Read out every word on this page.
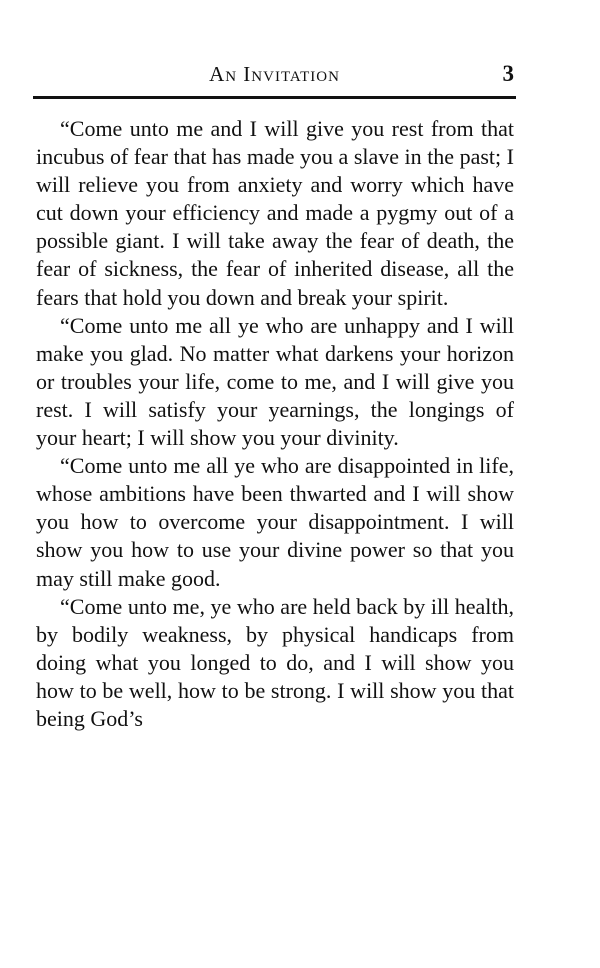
An Invitation	3

“Come unto me and I will give you rest from that incubus of fear that has made you a slave in the past; I will relieve you from anxiety and worry which have cut down your efficiency and made a pygmy out of a possible giant. I will take away the fear of death, the fear of sickness, the fear of inherited disease, all the fears that hold you down and break your spirit.

“Come unto me all ye who are unhappy and I will make you glad. No matter what darkens your horizon or troubles your life, come to me, and I will give you rest. I will satisfy your yearnings, the longings of your heart; I will show you your divinity.

“Come unto me all ye who are disappointed in life, whose ambitions have been thwarted and I will show you how to overcome your disappointment. I will show you how to use your divine power so that you may still make good.

“Come unto me, ye who are held back by ill health, by bodily weakness, by physical handicaps from doing what you longed to do, and I will show you how to be well, how to be strong. I will show you that being God’s
